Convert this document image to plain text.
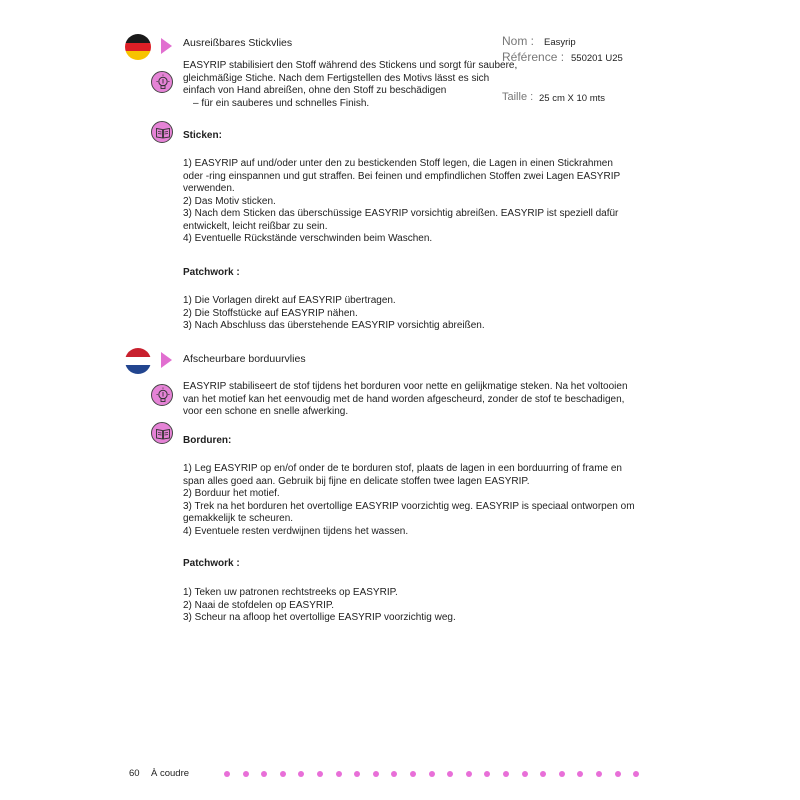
Ausreißbares Stickvlies	Nom : Easyrip
Référence : 550201 U25
Taille : 25 cm X 10 mts
EASYRIP stabilisiert den Stoff während des Stickens und sorgt für saubere,
gleichmäßige Stiche. Nach dem Fertigstellen des Motivs lässt es sich
einfach von Hand abreißen, ohne den Stoff zu beschädigen
– für ein sauberes und schnelles Finish.
Sticken:
1) EASYRIP auf und/oder unter den zu bestickenden Stoff legen, die Lagen in einen Stickrahmen
oder -ring einspannen und gut straffen. Bei feinen und empfindlichen Stoffen zwei Lagen EASYRIP
verwenden.
2) Das Motiv sticken.
3) Nach dem Sticken das überschüssige EASYRIP vorsichtig abreißen. EASYRIP ist speziell dafür
entwickelt, leicht reißbar zu sein.
4) Eventuelle Rückstände verschwinden beim Waschen.
Patchwork :
1) Die Vorlagen direkt auf EASYRIP übertragen.
2) Die Stoffstücke auf EASYRIP nähen.
3) Nach Abschluss das überstehende EASYRIP vorsichtig abreißen.
Afscheurbare borduurvlies
EASYRIP stabiliseert de stof tijdens het borduren voor nette en gelijkmatige steken. Na het voltooien
van het motief kan het eenvoudig met de hand worden afgescheurd, zonder de stof te beschadigen,
voor een schone en snelle afwerking.
Borduren:
1) Leg EASYRIP op en/of onder de te borduren stof, plaats de lagen in een borduurring of frame en
span alles goed aan. Gebruik bij fijne en delicate stoffen twee lagen EASYRIP.
2) Borduur het motief.
3) Trek na het borduren het overtollige EASYRIP voorzichtig weg. EASYRIP is speciaal ontworpen om
gemakkelijk te scheuren.
4) Eventuele resten verdwijnen tijdens het wassen.
Patchwork :
1) Teken uw patronen rechtstreeks op EASYRIP.
2) Naai de stofdelen op EASYRIP.
3) Scheur na afloop het overtollige EASYRIP voorzichtig weg.
60 À coudre
